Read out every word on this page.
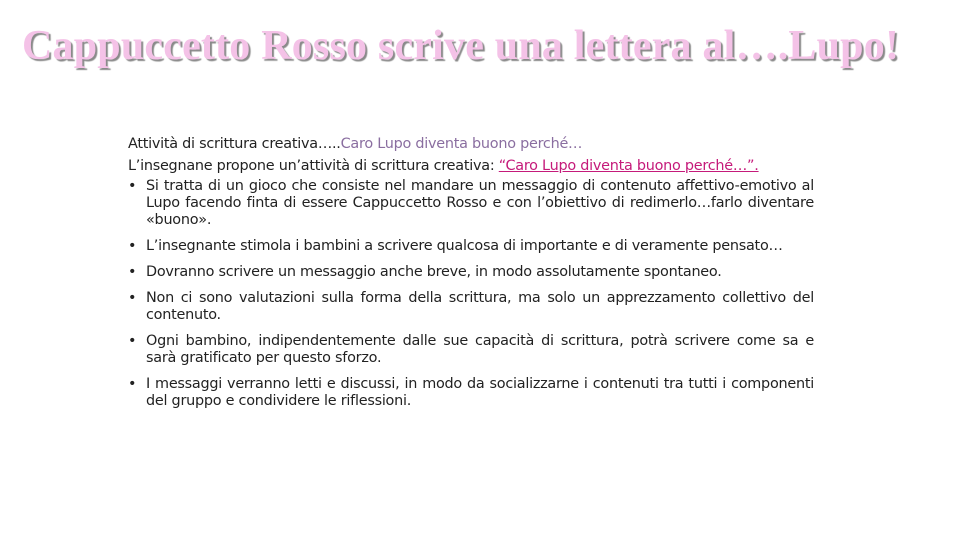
Cappuccetto Rosso scrive una lettera al….Lupo!

Attività di scrittura creativa…..Caro Lupo diventa buono perché…

L’insegnane propone un’attività di scrittura creativa: “Caro Lupo diventa buono perché…”.

• Si tratta di un gioco che consiste nel mandare un messaggio di contenuto affettivo-emotivo al Lupo facendo finta di essere Cappuccetto Rosso e con l’obiettivo di redimerlo…farlo diventare «buono».
• L’insegnante stimola i bambini a scrivere qualcosa di importante e di veramente pensato…
• Dovranno scrivere un messaggio anche breve, in modo assolutamente spontaneo.
• Non ci sono valutazioni sulla forma della scrittura, ma solo un apprezzamento collettivo del contenuto.
• Ogni bambino, indipendentemente dalle sue capacità di scrittura, potrà scrivere come sa e sarà gratificato per questo sforzo.
• I messaggi verranno letti e discussi, in modo da socializzarne i contenuti tra tutti i componenti del gruppo e condividere le riflessioni.
